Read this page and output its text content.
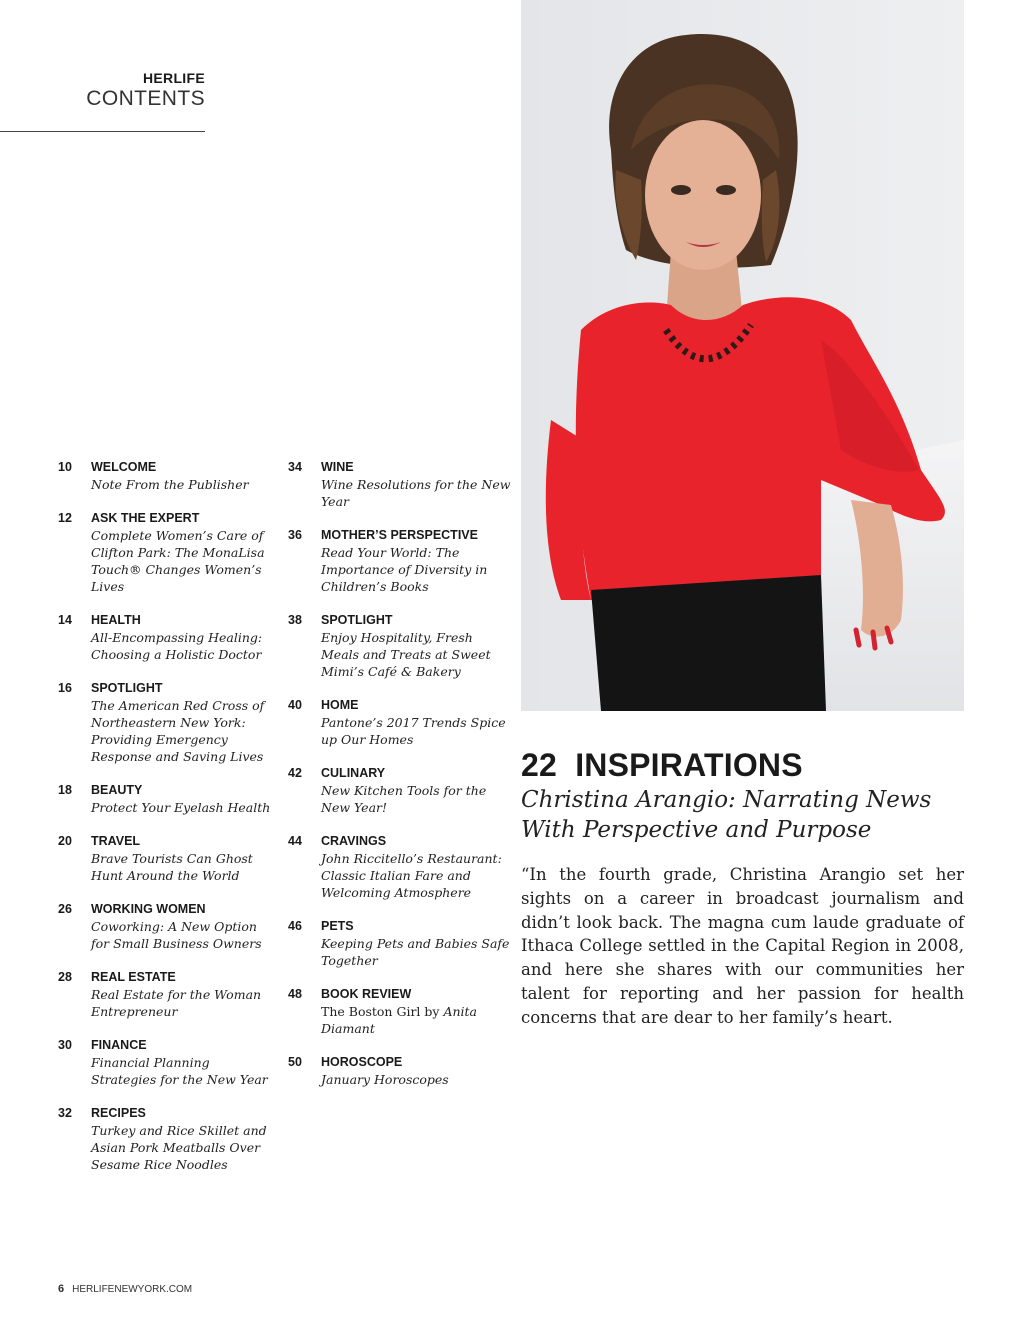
HERLIFE
CONTENTS
10	WELCOME
Note From the Publisher
12	ASK THE EXPERT
Complete Women’s Care of Clifton Park: The MonaLisa Touch® Changes Women’s Lives
14	HEALTH
All-Encompassing Healing: Choosing a Holistic Doctor
16	SPOTLIGHT
The American Red Cross of Northeastern New York: Providing Emergency Response and Saving Lives
18	BEAUTY
Protect Your Eyelash Health
20	TRAVEL
Brave Tourists Can Ghost Hunt Around the World
26	WORKING WOMEN
Coworking: A New Option for Small Business Owners
28	REAL ESTATE
Real Estate for the Woman Entrepreneur
30	FINANCE
Financial Planning Strategies for the New Year
32	RECIPES
Turkey and Rice Skillet and Asian Pork Meatballs Over Sesame Rice Noodles
34	WINE
Wine Resolutions for the New Year
36	MOTHER’S PERSPECTIVE
Read Your World: The Importance of Diversity in Children’s Books
38	SPOTLIGHT
Enjoy Hospitality, Fresh Meals and Treats at Sweet Mimi’s Café & Bakery
40	HOME
Pantone’s 2017 Trends Spice up Our Homes
42	CULINARY
New Kitchen Tools for the New Year!
44	CRAVINGS
John Riccitello’s Restaurant: Classic Italian Fare and Welcoming Atmosphere
46	PETS
Keeping Pets and Babies Safe Together
48	BOOK REVIEW
The Boston Girl by Anita Diamant
50	HOROSCOPE
January Horoscopes
22 INSPIRATIONS
Christina Arangio: Narrating News With Perspective and Purpose
“In the fourth grade, Christina Arangio set her sights on a career in broadcast journalism and didn’t look back. The magna cum laude graduate of Ithaca College settled in the Capital Region in 2008, and here she shares with our communities her talent for reporting and her passion for health concerns that are dear to her family’s heart.
6 HERLIFENEWYORK.COM
